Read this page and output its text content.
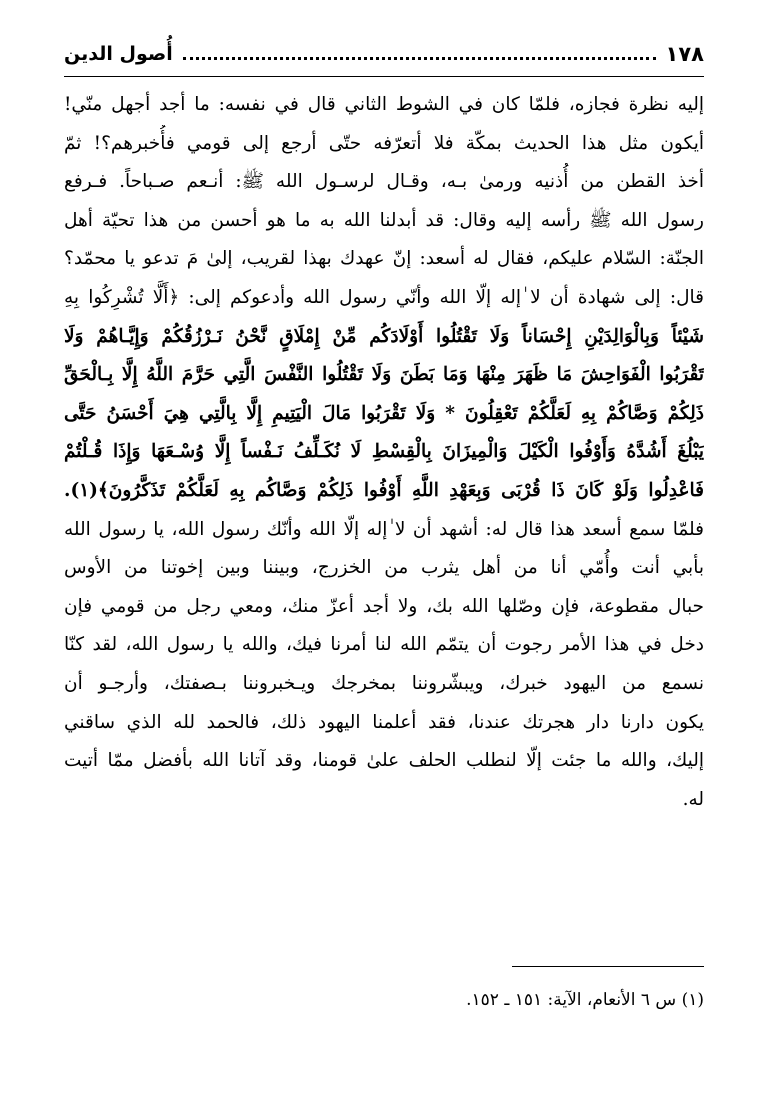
١٧٨
أُصول الدين
إليه نظرة فجازه، فلمّا كان في الشوط الثاني قال في نفسه: ما أجد أجهل منّي!
أيكون مثل هذا الحديث بمكّة فلا أتعرّفه حتّى أرجع إلى قومي فأُخبرهم؟! ثمّ
أخذ القطن من أُذنيه ورمىٰ بـه، وقـال لرسـول الله ﷺ: أنـعم صـباحاً. فـرفع
رسول الله ﷺ رأسه إليه وقال: قد أبدلنا الله به ما هو أحسن من هذا تحيّة أهل
الجنّة: السّلام عليكم، فقال له أسعد: إنّ عهدك بهذا لقريب، إلىٰ مَ تدعو يا محمّد؟
قال: إلى شهادة أن لا ٰإله إلّا الله وأنّي رسول الله وأدعوكم إلى: ﴿أَلَّا تُشْرِكُوا بِهِ
شَيْئاً وَبِالْوَالِدَيْنِ إِحْسَاناً وَلَا تَقْتُلُوا أَوْلَادَكُم مِّنْ إِمْلَاقٍ نَّحْنُ نَـرْزُقُكُمْ وَإِيَّـاهُمْ وَلَا
تَقْرَبُوا الْفَوَاحِشَ مَا ظَهَرَ مِنْهَا وَمَا بَطَنَ وَلَا تَقْتُلُوا النَّفْسَ الَّتِي حَرَّمَ اللَّهُ إِلَّا بِـالْحَقِّ
ذَلِكُمْ وَصَّاكُمْ بِهِ لَعَلَّكُمْ تَعْقِلُونَ * وَلَا تَقْرَبُوا مَالَ الْيَتِيمِ إِلَّا بِالَّتِي هِيَ أَحْسَنُ حَتَّى
يَبْلُغَ أَشُدَّهُ وَأَوْفُوا الْكَيْلَ وَالْمِيزَانَ بِالْقِسْطِ لَا نُكَـلِّفُ نَـفْساً إِلَّا وُسْـعَهَا وَإِذَا قُـلْتُمْ
فَاعْدِلُوا وَلَوْ كَانَ ذَا قُرْبَى وَبِعَهْدِ اللَّهِ أَوْفُوا ذَلِكُمْ وَصَّاكُم بِهِ لَعَلَّكُمْ تَذَكَّرُونَ﴾(١).
فلمّا سمع أسعد هذا قال له: أشهد أن لا ٰإله إلّا الله وأنّك رسول الله، يا رسول الله
بأبي أنت وأُمّي أنا من أهل يثرب من الخزرج، وبيننا وبين إخوتنا من الأوس
حبال مقطوعة، فإن وصّلها الله بك، ولا أجد أعزّ منك، ومعي رجل من قومي فإن
دخل في هذا الأمر رجوت أن يتمّم الله لنا أمرنا فيك، والله يا رسول الله، لقد كنّا
نسمع من اليهود خبرك، ويبشّروننا بمخرجك ويـخبروننا بـصفتك، وأرجـو أن
يكون دارنا دار هجرتك عندنا، فقد أعلمنا اليهود ذلك، فالحمد لله الذي ساقني
إليك، والله ما جئت إلّا لنطلب الحلف علىٰ قومنا، وقد آتانا الله بأفضل ممّا أتيت
له.
(١) س ٦ الأنعام، الآية: ١٥١ ـ ١٥٢.
